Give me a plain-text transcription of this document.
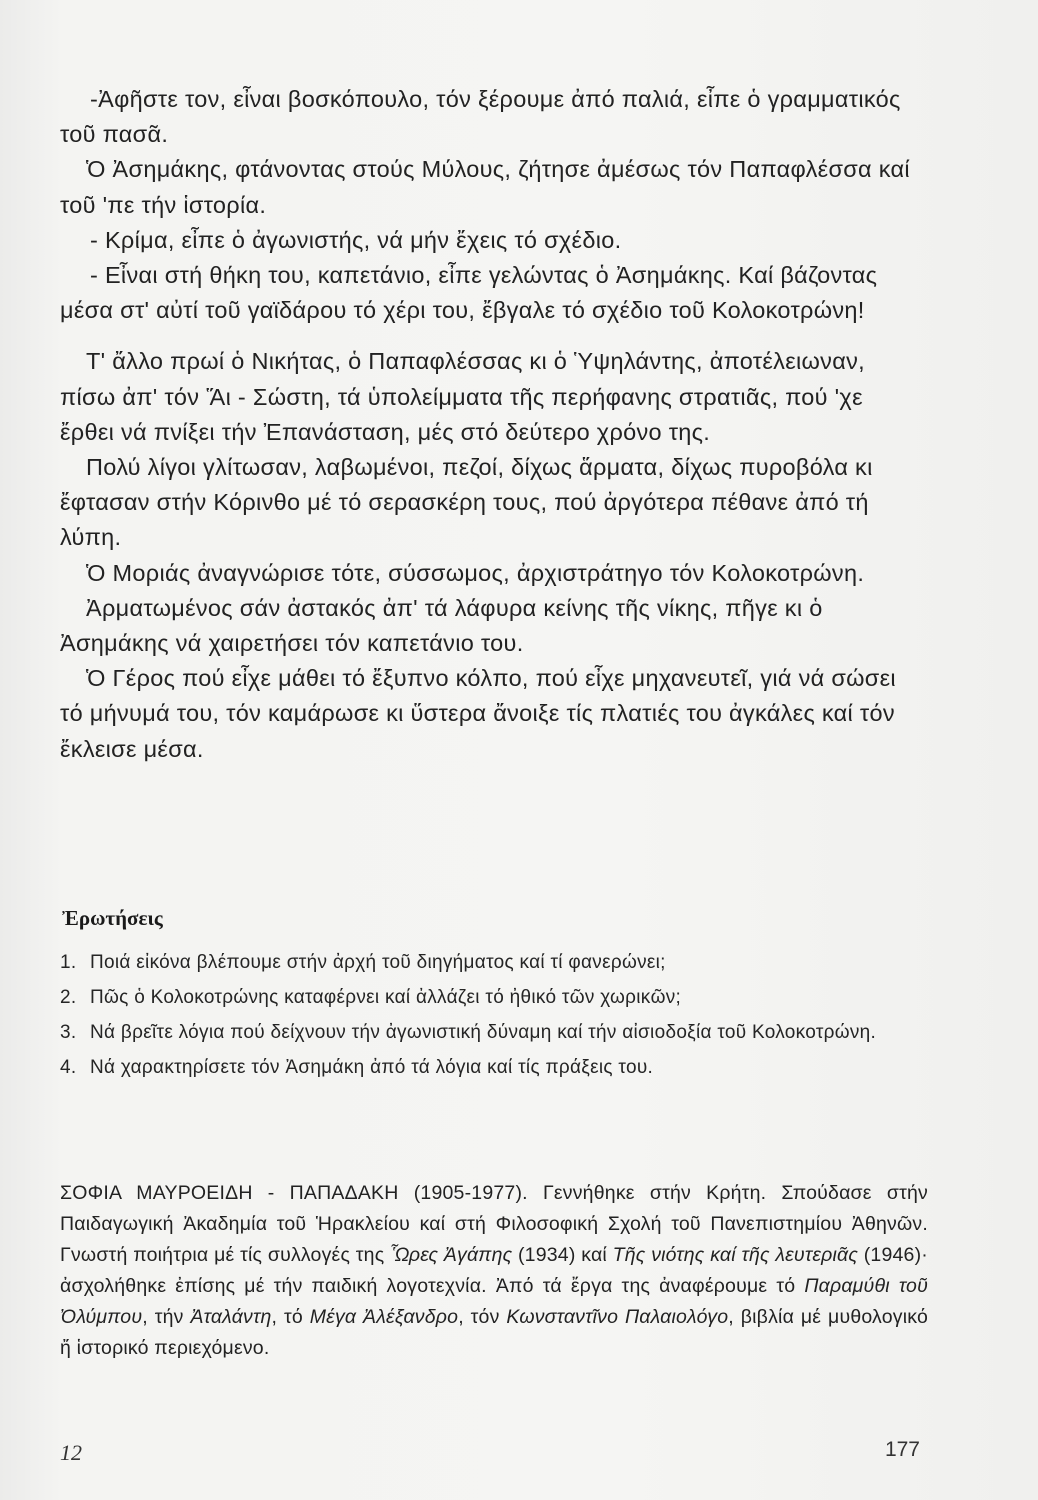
-Ἀφῆστε τον, εἶναι βοσκόπουλο, τόν ξέρουμε ἀπό παλιά, εἶπε ὁ γραμματικός τοῦ πασᾶ.

Ὁ Ἀσημάκης, φτάνοντας στούς Μύλους, ζήτησε ἀμέσως τόν Παπαφλέσσα καί τοῦ 'πε τήν ἱστορία.

- Κρίμα, εἶπε ὁ ἀγωνιστής, νά μήν ἔχεις τό σχέδιο.

- Εἶναι στή θήκη του, καπετάνιο, εἶπε γελώντας ὁ Ἀσημάκης. Καί βάζοντας μέσα στ' αὐτί τοῦ γαϊδάρου τό χέρι του, ἔβγαλε τό σχέδιο τοῦ Κολοκοτρώνη!

Τ' ἄλλο πρωί ὁ Νικήτας, ὁ Παπαφλέσσας κι ὁ Ὑψηλάντης, ἀποτέλειωναν, πίσω ἀπ' τόν Ἅι - Σώστη, τά ὑπολείμματα τῆς περήφανης στρατιᾶς, πού 'χε ἔρθει νά πνίξει τήν Ἐπανάσταση, μές στό δεύτερο χρόνο της.

Πολύ λίγοι γλίτωσαν, λαβωμένοι, πεζοί, δίχως ἅρματα, δίχως πυροβόλα κι ἔφτασαν στήν Κόρινθο μέ τό σερασκέρη τους, πού ἀργότερα πέθανε ἀπό τή λύπη.

Ὁ Μοριάς ἀναγνώρισε τότε, σύσσωμος, ἀρχιστράτηγο τόν Κολοκοτρώνη.

Ἀρματωμένος σάν ἀστακός ἀπ' τά λάφυρα κείνης τῆς νίκης, πῆγε κι ὁ Ἀσημάκης νά χαιρετήσει τόν καπετάνιο του.

Ὁ Γέρος πού εἶχε μάθει τό ἔξυπνο κόλπο, πού εἶχε μηχανευτεῖ, γιά νά σώσει τό μήνυμά του, τόν καμάρωσε κι ὕστερα ἄνοιξε τίς πλατιές του ἀγκάλες καί τόν ἔκλεισε μέσα.

Ἐρωτήσεις
1. Ποιά εἰκόνα βλέπουμε στήν ἀρχή τοῦ διηγήματος καί τί φανερώνει;
2. Πῶς ὁ Κολοκοτρώνης καταφέρνει καί ἀλλάζει τό ἠθικό τῶν χωρικῶν;
3. Νά βρεῖτε λόγια πού δείχνουν τήν ἀγωνιστική δύναμη καί τήν αἰσιοδοξία τοῦ Κολοκοτρώνη.
4. Νά χαρακτηρίσετε τόν Ἀσημάκη ἀπό τά λόγια καί τίς πράξεις του.
ΣΟΦΙΑ ΜΑΥΡΟΕΙΔΗ - ΠΑΠΑΔΑΚΗ (1905-1977). Γεννήθηκε στήν Κρήτη. Σπούδασε στήν Παιδαγωγική Ἀκαδημία τοῦ Ἡρακλείου καί στή Φιλοσοφική Σχολή τοῦ Πανεπιστημίου Ἀθηνῶν. Γνωστή ποιήτρια μέ τίς συλλογές της Ὧρες Ἀγάπης (1934) καί Τῆς νιότης καί τῆς λευτεριᾶς (1946)· ἀσχολήθηκε ἐπίσης μέ τήν παιδική λογοτεχνία. Ἀπό τά ἔργα της ἀναφέρουμε τό Παραμύθι τοῦ Ὀλύμπου, τήν Ἀταλάντη, τό Μέγα Ἀλέξανδρο, τόν Κωνσταντῖνο Παλαιολόγο, βιβλία μέ μυθολογικό ἤ ἱστορικό περιεχόμενο.
12	177
